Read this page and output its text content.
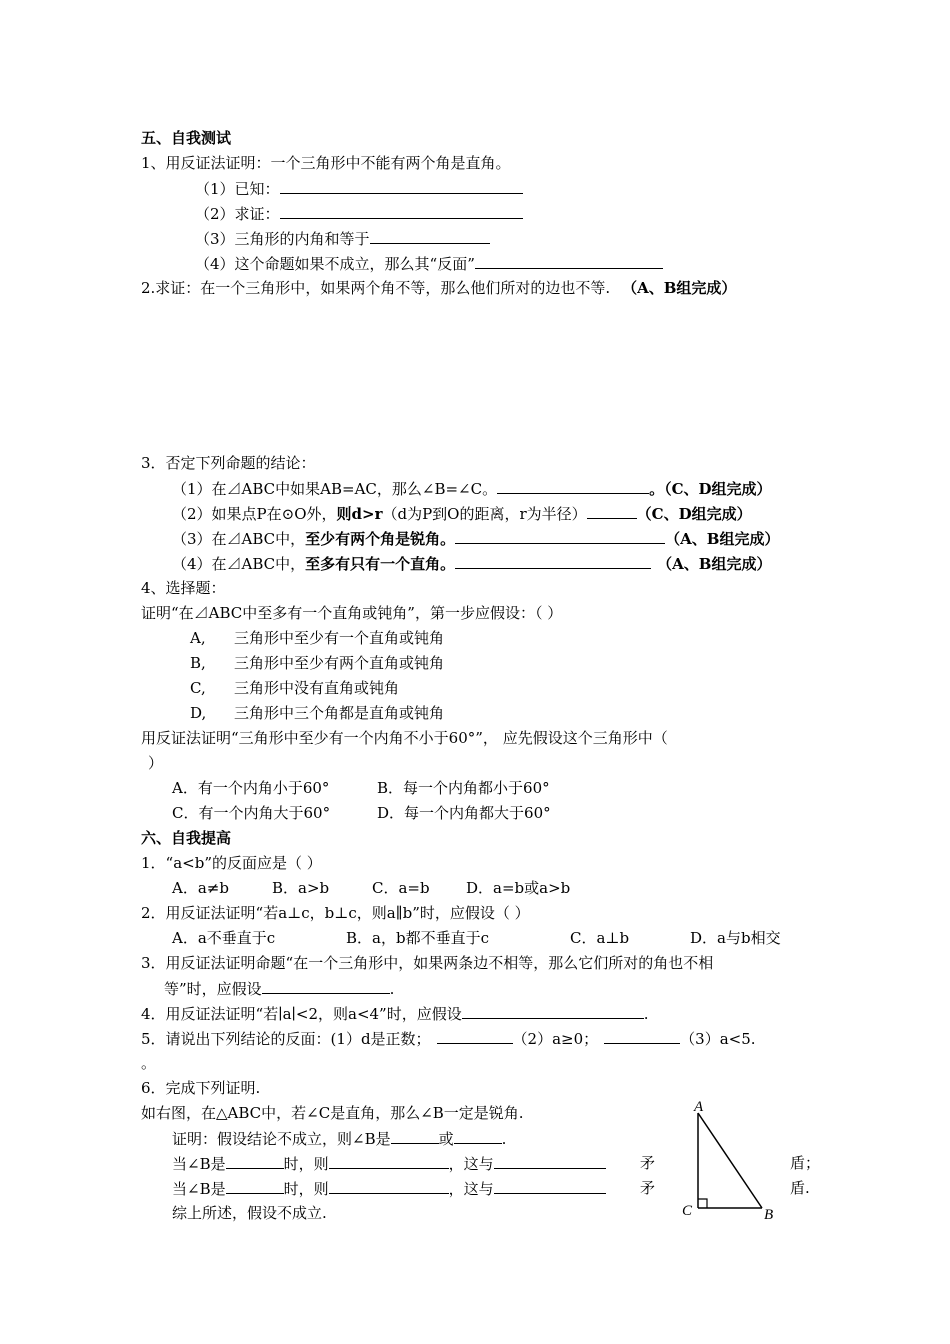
五、自我测试
1、用反证法证明：一个三角形中不能有两个角是直角。
（1）已知：
（2）求证：
（3）三角形的内角和等于
（4）这个命题如果不成立，那么其“反面”
2.求证：在一个三角形中，如果两个角不等，那么他们所对的边也不等. （A、B组完成）
3．否定下列命题的结论：
（1）在⊿ABC中如果AB=AC，那么∠B=∠C。	。（C、D组完成）
（2）如果点P在⊙O外，则d>r（d为P到O的距离，r为半径）	（C、D组完成）
（3）在⊿ABC中，至少有两个角是锐角。	（A、B组完成）
（4）在⊿ABC中，至多有只有一个直角。	（A、B组完成）
4、选择题：
证明“在⊿ABC中至多有一个直角或钝角”，第一步应假设：（ ）
A, 三角形中至少有一个直角或钝角
B, 三角形中至少有两个直角或钝角
C, 三角形中没有直角或钝角
D, 三角形中三个角都是直角或钝角
用反证法证明“三角形中至少有一个内角不小于60°”， 应先假设这个三角形中（
）
A．有一个内角小于60°	B．每一个内角都小于60°
C．有一个内角大于60°	D．每一个内角都大于60°
六、自我提高
1．“a<b”的反面应是（ ）
A．a≠b	B．a>b	C．a=b D．a=b或a>b
2．用反证法证明“若a⊥c，b⊥c，则a∥b”时，应假设（ ）
A．a不垂直于c	B．a，b都不垂直于c	C．a⊥b	D．a与b相交
3．用反证法证明命题“在一个三角形中，如果两条边不相等，那么它们所对的角也不相
等”时，应假设	.
4．用反证法证明“若∣a∣<2，则a<4”时，应假设	.
5．请说出下列结论的反面：(1）d是正数；	（2）a≥0；	（3）a<5.
。
6．完成下列证明.
如右图，在△ABC中，若∠C是直角，那么∠B一定是锐角.
证明：假设结论不成立，则∠B是	或	.
当∠B是	时，则	，这与	矛	盾；
当∠B是	时，则	，这与	矛	盾.
综上所述，假设不成立.
A
C	B
